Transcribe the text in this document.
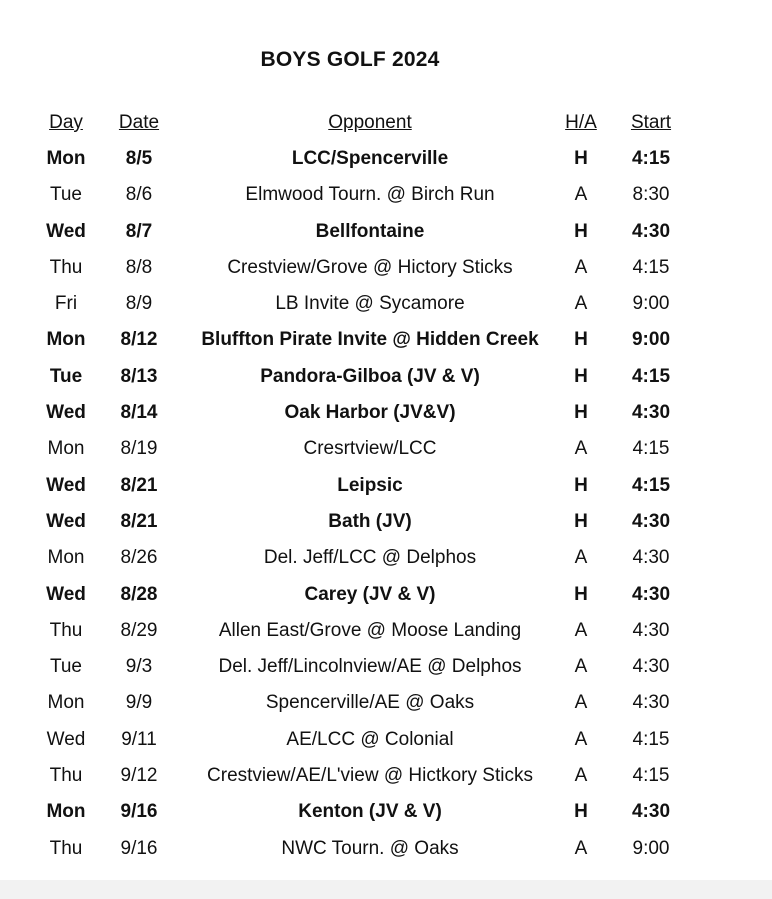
BOYS GOLF 2024
Day	Date	Opponent	H/A	Start
Mon	8/5	LCC/Spencerville	H	4:15
Tue	8/6	Elmwood Tourn. @ Birch Run	A	8:30
Wed	8/7	Bellfontaine	H	4:30
Thu	8/8	Crestview/Grove @ Hictory Sticks	A	4:15
Fri	8/9	LB Invite @ Sycamore	A	9:00
Mon	8/12	Bluffton Pirate Invite @ Hidden Creek	H	9:00
Tue	8/13	Pandora-Gilboa (JV & V)	H	4:15
Wed	8/14	Oak Harbor (JV&V)	H	4:30
Mon	8/19	Cresrtview/LCC	A	4:15
Wed	8/21	Leipsic	H	4:15
Wed	8/21	Bath (JV)	H	4:30
Mon	8/26	Del. Jeff/LCC @ Delphos	A	4:30
Wed	8/28	Carey (JV & V)	H	4:30
Thu	8/29	Allen East/Grove @ Moose Landing	A	4:30
Tue	9/3	Del. Jeff/Lincolnview/AE @ Delphos	A	4:30
Mon	9/9	Spencerville/AE @ Oaks	A	4:30
Wed	9/11	AE/LCC @ Colonial	A	4:15
Thu	9/12	Crestview/AE/L'view @ Hictkory Sticks	A	4:15
Mon	9/16	Kenton (JV & V)	H	4:30
Thu	9/16	NWC Tourn. @ Oaks	A	9:00
